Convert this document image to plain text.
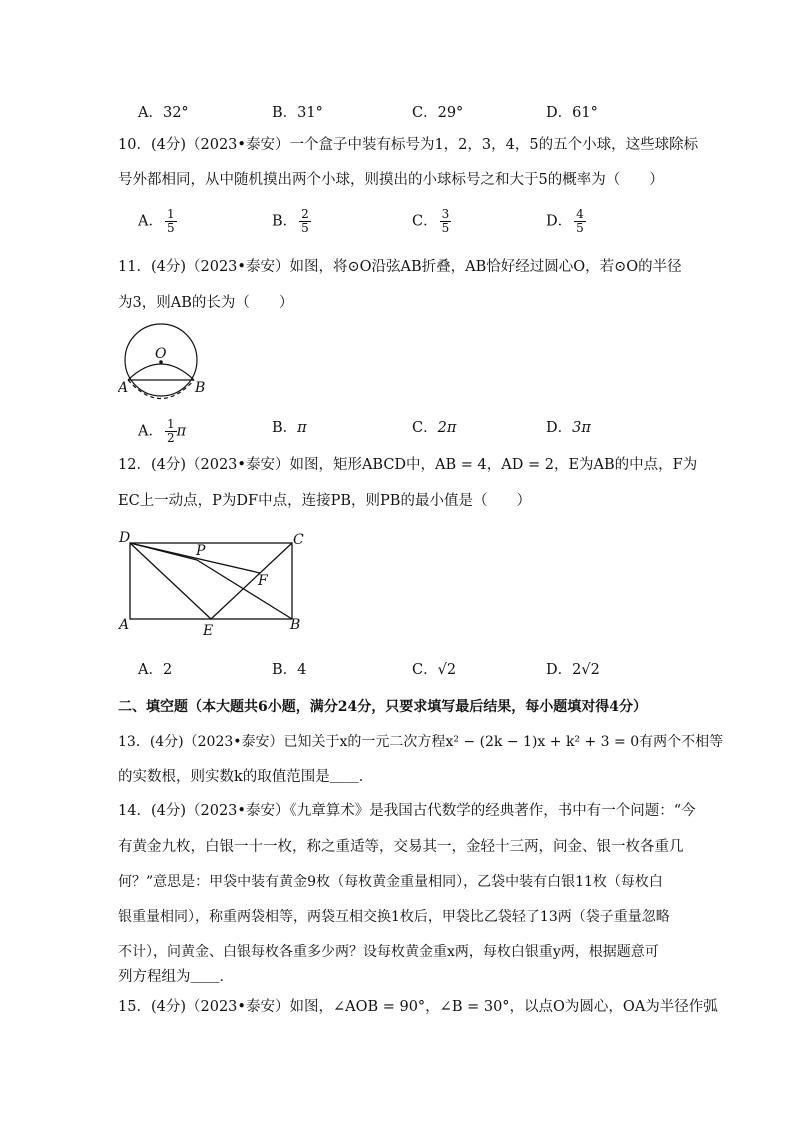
A．32°	B．31°	C．29°	D．61°
10．(4分)（2023•泰安）一个盒子中装有标号为1，2，3，4，5的五个小球，这些球除标
号外都相同，从中随机摸出两个小球，则摸出的小球标号之和大于5的概率为（　　）
A． $\frac{1}{5}$	B． $\frac{2}{5}$	C． $\frac{3}{5}$	D． $\frac{4}{5}$
11．(4分)（2023•泰安）如图，将⊙O沿弦AB折叠，AB恰好经过圆心O，若⊙O的半径
为3，则AB的长为（　　）
O
A	B
A． $\frac{1}{2}$ π	B．π	C．2π	D．3π
12．(4分)（2023•泰安）如图，矩形ABCD中，AB = 4，AD = 2，E为AB的中点，F为
EC上一动点，P为DF中点，连接PB，则PB的最小值是（　　）
D	C
A	B
E
P
F
A．2	B．4	C．√2	D．2√2
二、填空题（本大题共6小题，满分24分，只要求填写最后结果，每小题填对得4分）
13．(4分)（2023•泰安）已知关于x的一元二次方程x² − (2k − 1)x + k² + 3 = 0有两个不相等
的实数根，则实数k的取值范围是＿＿．
14．(4分)（2023•泰安）《九章算术》是我国古代数学的经典著作，书中有一个问题：“今
有黄金九枚，白银一十一枚，称之重适等，交易其一，金轻十三两，问金、银一枚各重几
何？”意思是：甲袋中装有黄金9枚（每枚黄金重量相同），乙袋中装有白银11枚（每枚白
银重量相同），称重两袋相等，两袋互相交换1枚后，甲袋比乙袋轻了13两（袋子重量忽略
不计），问黄金、白银每枚各重多少两？设每枚黄金重x两，每枚白银重y两，根据题意可
列方程组为＿＿．
15．(4分)（2023•泰安）如图，∠AOB = 90°，∠B = 30°，以点O为圆心，OA为半径作弧
